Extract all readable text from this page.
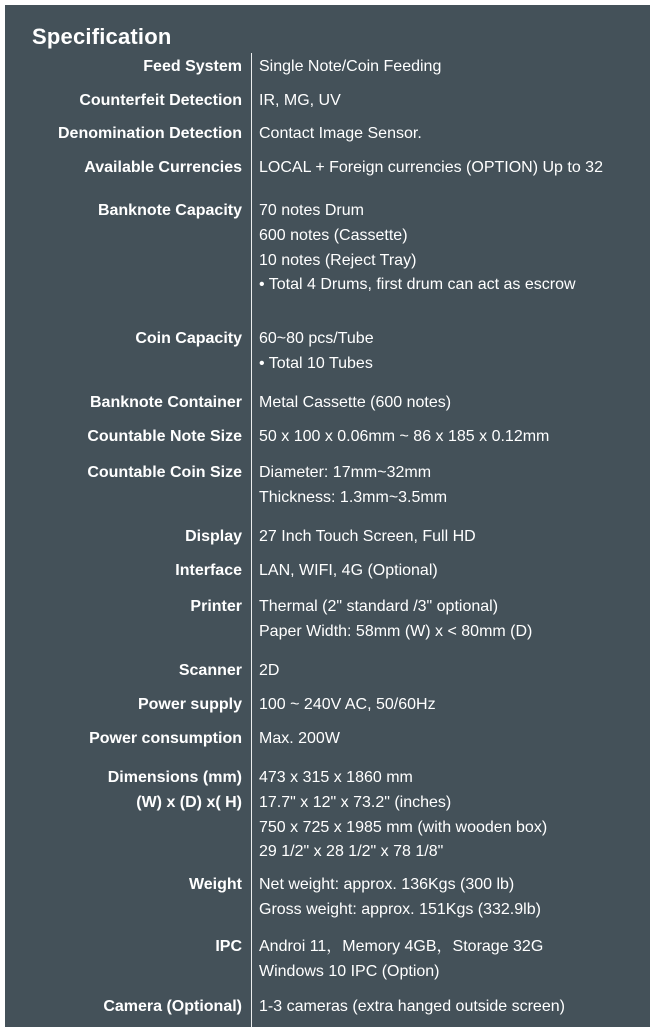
Specification
Feed System Single Note/Coin Feeding
Counterfeit Detection IR, MG, UV
Denomination Detection Contact Image Sensor.
Available Currencies LOCAL + Foreign currencies (OPTION) Up to 32
Banknote Capacity 70 notes Drum
600 notes (Cassette)
10 notes (Reject Tray)
• Total 4 Drums, first drum can act as escrow
Coin Capacity 60~80 pcs/Tube
• Total 10 Tubes
Banknote Container Metal Cassette (600 notes)
Countable Note Size 50 x 100 x 0.06mm ~ 86 x 185 x 0.12mm
Countable Coin Size Diameter: 17mm~32mm
Thickness: 1.3mm~3.5mm
Display 27 Inch Touch Screen, Full HD
Interface LAN, WIFI, 4G (Optional)
Printer Thermal (2" standard /3" optional)
Paper Width: 58mm (W) x < 80mm (D)
Scanner 2D
Power supply 100 ~ 240V AC, 50/60Hz
Power consumption Max. 200W
Dimensions (mm)
(W) x (D) x( H)
473 x 315 x 1860 mm
17.7" x 12" x 73.2" (inches)
750 x 725 x 1985 mm (with wooden box)
29 1/2" x 28 1/2" x 78 1/8"
Weight Net weight: approx. 136Kgs (300 lb)
Gross weight: approx. 151Kgs (332.9lb)
IPC Androi 11，Memory 4GB，Storage 32G
Windows 10 IPC (Option)
Camera (Optional) 1-3 cameras (extra hanged outside screen)
